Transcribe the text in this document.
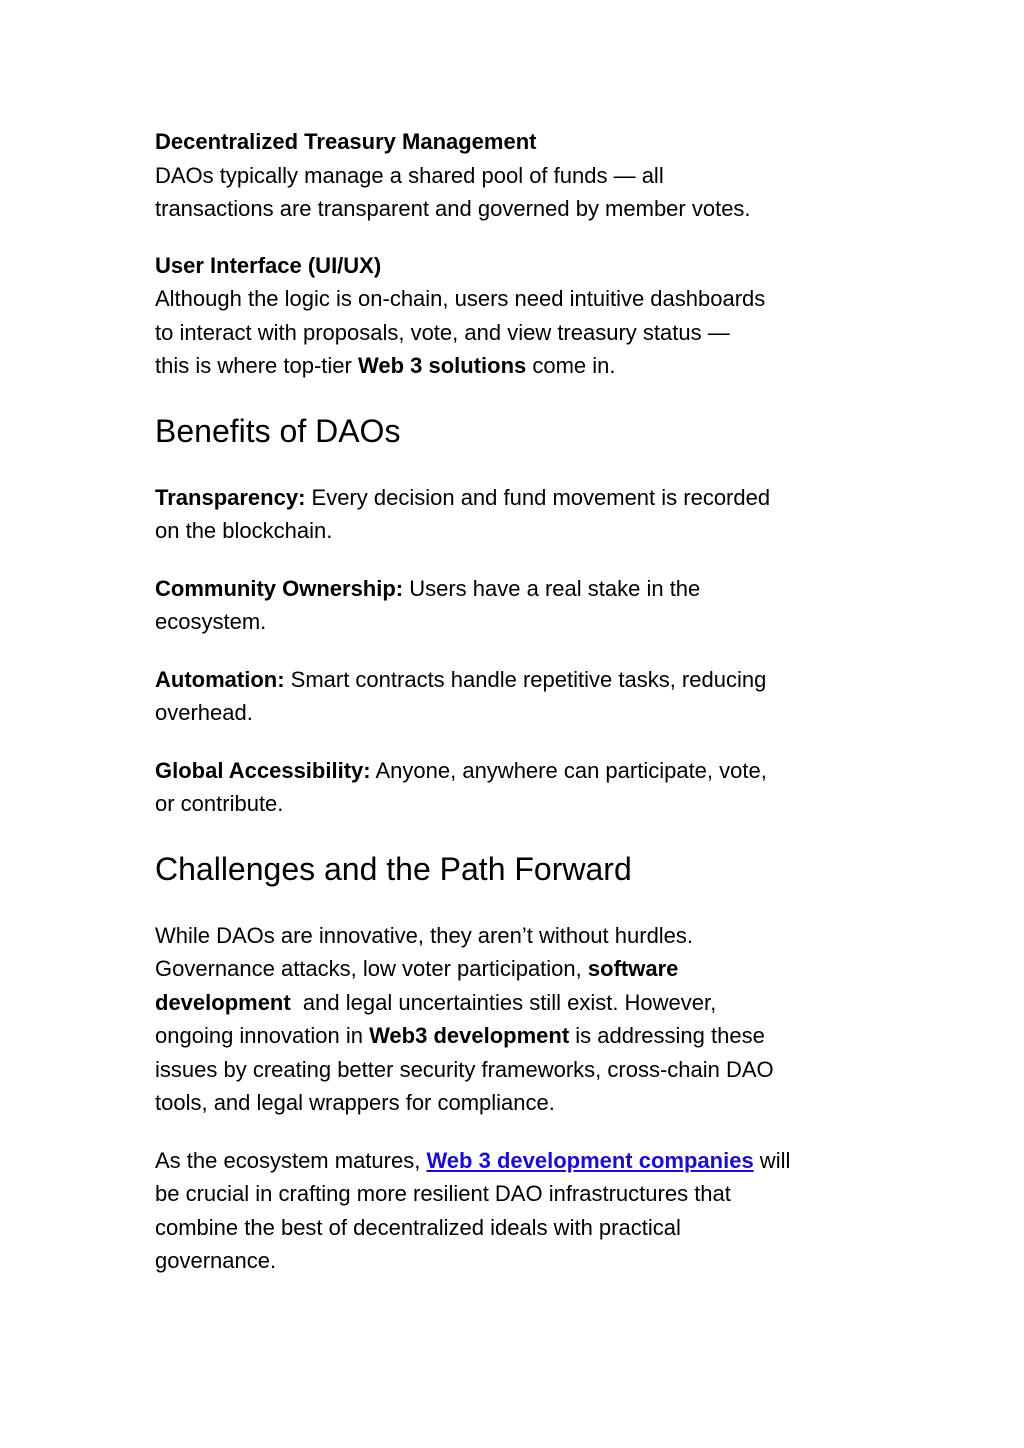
Decentralized Treasury Management
DAOs typically manage a shared pool of funds — all
transactions are transparent and governed by member votes.

User Interface (UI/UX)
Although the logic is on-chain, users need intuitive dashboards
to interact with proposals, vote, and view treasury status —
this is where top-tier Web 3 solutions come in.

Benefits of DAOs

Transparency: Every decision and fund movement is recorded
on the blockchain.

Community Ownership: Users have a real stake in the
ecosystem.

Automation: Smart contracts handle repetitive tasks, reducing
overhead.

Global Accessibility: Anyone, anywhere can participate, vote,
or contribute.

Challenges and the Path Forward

While DAOs are innovative, they aren’t without hurdles.
Governance attacks, low voter participation, software
development  and legal uncertainties still exist. However,
ongoing innovation in Web3 development is addressing these
issues by creating better security frameworks, cross-chain DAO
tools, and legal wrappers for compliance.

As the ecosystem matures, Web 3 development companies will
be crucial in crafting more resilient DAO infrastructures that
combine the best of decentralized ideals with practical
governance.
